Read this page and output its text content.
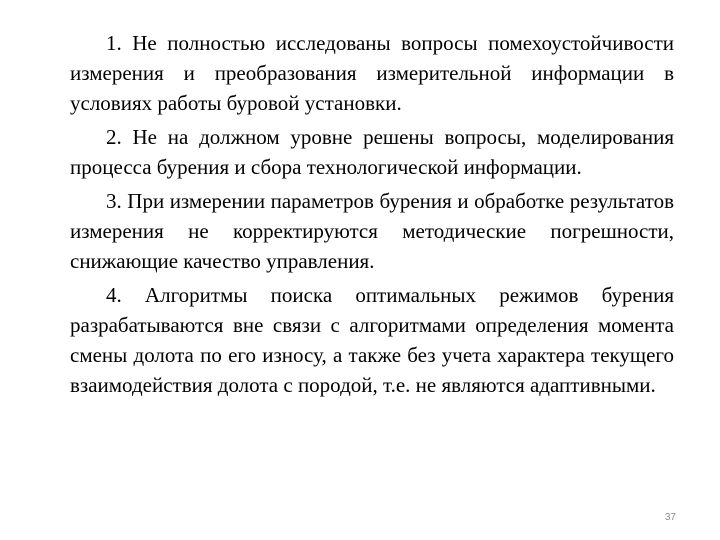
1. Не полностью исследованы вопросы помехоустойчивости измерения и преобразования измерительной информации в условиях работы буровой установки.

2. Не на должном уровне решены вопросы, моделирования процесса бурения и сбора технологической информации.

3. При измерении параметров бурения и обработке результатов измерения не корректируются методические погрешности, снижающие качество управления.

4. Алгоритмы поиска оптимальных режимов бурения разрабатываются вне связи с алгоритмами определения момента смены долота по его износу, а также без учета характера текущего взаимодействия долота с породой, т.е. не являются адаптивными.

37
